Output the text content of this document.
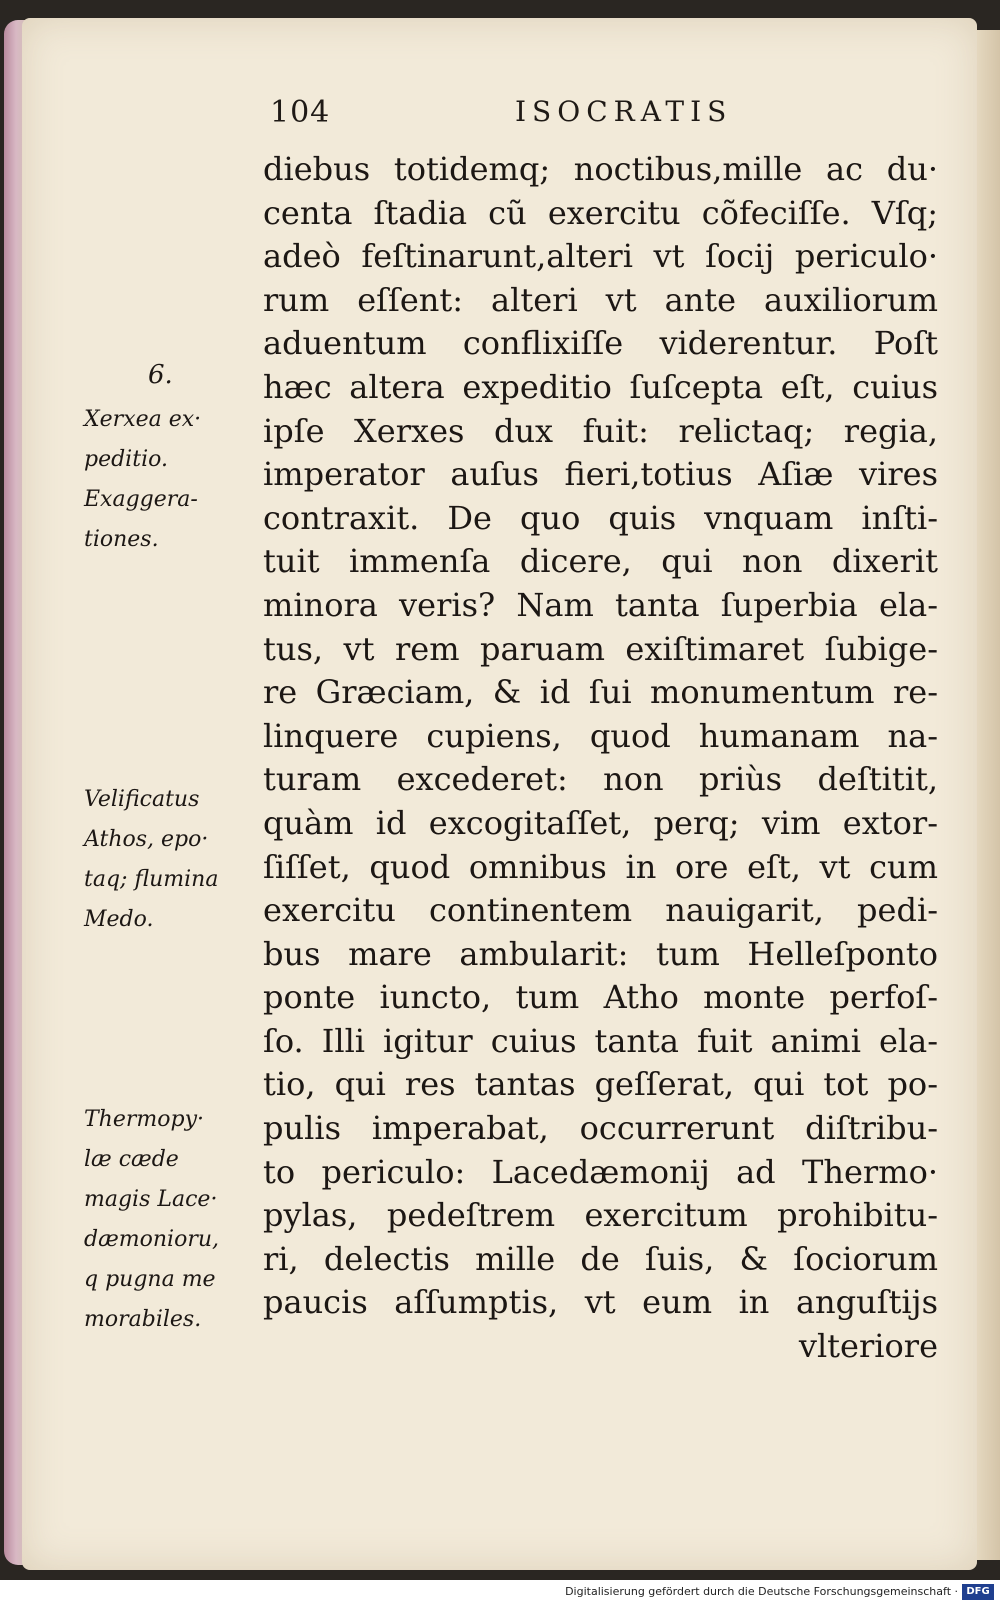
104	ISOCRATIS
6.
Xerxea ex·
peditio.
Exaggera-
tiones.
Velificatus
Athos, epo·
taq; flumina
Medo.
Thermopy·
læ cæde
magis Lace·
dæmonioru,
q pugna me
morabiles.
diebus totidemq; noctibus,mille ac du·
centa ſtadia cũ exercitu cõfeciſſe. Vſq;
adeò feſtinarunt,alteri vt ſocij periculo·
rum eſſent: alteri vt ante auxiliorum
aduentum confliхiſſe viderentur. Poſt
hæc altera expeditio ſuſcepta eſt, cuius
ipſe Xerxes dux fuit: relictaq; regia,
imperator auſus fieri,totius Aſiæ vires
contraxit. De quo quis vnquam inſti-
tuit immenſa dicere, qui non dixerit
minora veris? Nam tanta ſuperbia ela-
tus, vt rem paruam exiſtimaret ſubige-
re Græciam, & id ſui monumentum re-
linquere cupiens, quod humanam na-
turam excederet: non priùs deſtitit,
quàm id excogitaſſet, perq; vim extor-
ſiſſet, quod omnibus in ore eſt, vt cum
exercitu continentem nauigarit, pedi-
bus mare ambularit: tum Helleſponto
ponte iuncto, tum Atho monte perfoſ-
ſo. Illi igitur cuius tanta fuit animi ela-
tio, qui res tantas geſſerat, qui tot po-
pulis imperabat, occurrerunt diſtribu-
to periculo: Lacedæmonij ad Thermo·
pylas, pedeſtrem exercitum prohibitu-
ri, delectis mille de ſuis, & ſociorum
paucis aſſumptis, vt eum in anguſtijs
vlteriore
Digitalisierung gefördert durch die Deutsche Forschungsgemeinschaft · DFG
